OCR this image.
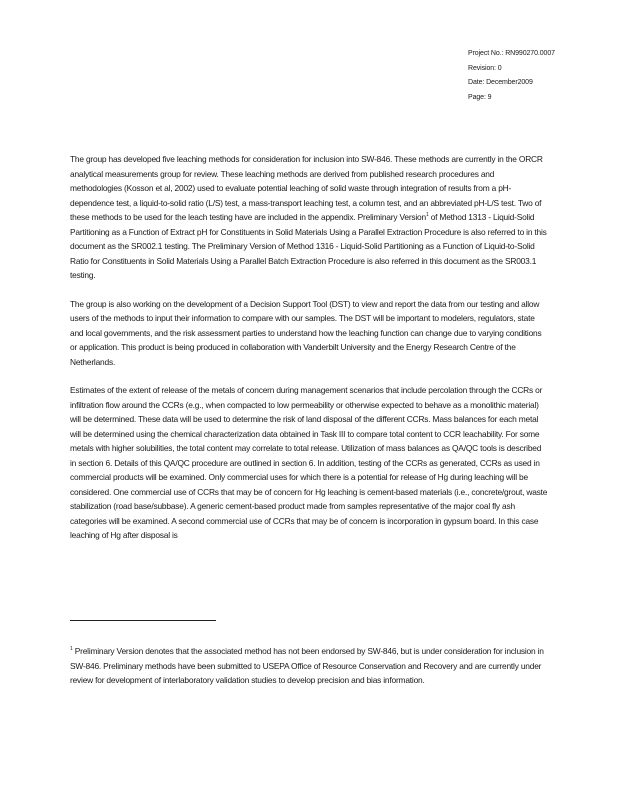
Project No.: RN990270.0007
Revision: 0
Date: December2009
Page: 9

The group has developed five leaching methods for consideration for inclusion into SW-846. These methods are currently in the ORCR analytical measurements group for review. These leaching methods are derived from published research procedures and methodologies (Kosson et al, 2002) used to evaluate potential leaching of solid waste through integration of results from a pH-dependence test, a liquid-to-solid ratio (L/S) test, a mass-transport leaching test, a column test, and an abbreviated pH-L/S test. Two of these methods to be used for the leach testing have are included in the appendix. Preliminary Version$^1$ of Method 1313 - Liquid-Solid Partitioning as a Function of Extract pH for Constituents in Solid Materials Using a Parallel Extraction Procedure is also referred to in this document as the SR002.1 testing. The Preliminary Version of Method 1316 - Liquid-Solid Partitioning as a Function of Liquid-to-Solid Ratio for Constituents in Solid Materials Using a Parallel Batch Extraction Procedure is also referred in this document as the SR003.1 testing.

The group is also working on the development of a Decision Support Tool (DST) to view and report the data from our testing and allow users of the methods to input their information to compare with our samples. The DST will be important to modelers, regulators, state and local governments, and the risk assessment parties to understand how the leaching function can change due to varying conditions or application. This product is being produced in collaboration with Vanderbilt University and the Energy Research Centre of the Netherlands.

Estimates of the extent of release of the metals of concern during management scenarios that include percolation through the CCRs or infiltration flow around the CCRs (e.g., when compacted to low permeability or otherwise expected to behave as a monolithic material) will be determined. These data will be used to determine the risk of land disposal of the different CCRs. Mass balances for each metal will be determined using the chemical characterization data obtained in Task III to compare total content to CCR leachability. For some metals with higher solubilities, the total content may correlate to total release. Utilization of mass balances as QA/QC tools is described in section 6. Details of this QA/QC procedure are outlined in section 6. In addition, testing of the CCRs as generated, CCRs as used in commercial products will be examined. Only commercial uses for which there is a potential for release of Hg during leaching will be considered. One commercial use of CCRs that may be of concern for Hg leaching is cement-based materials (i.e., concrete/grout, waste stabilization (road base/subbase). A generic cement-based product made from samples representative of the major coal fly ash categories will be examined. A second commercial use of CCRs that may be of concern is incorporation in gypsum board. In this case leaching of Hg after disposal is

$^1$ Preliminary Version denotes that the associated method has not been endorsed by SW-846, but is under consideration for inclusion in SW-846. Preliminary methods have been submitted to USEPA Office of Resource Conservation and Recovery and are currently under review for development of interlaboratory validation studies to develop precision and bias information.
